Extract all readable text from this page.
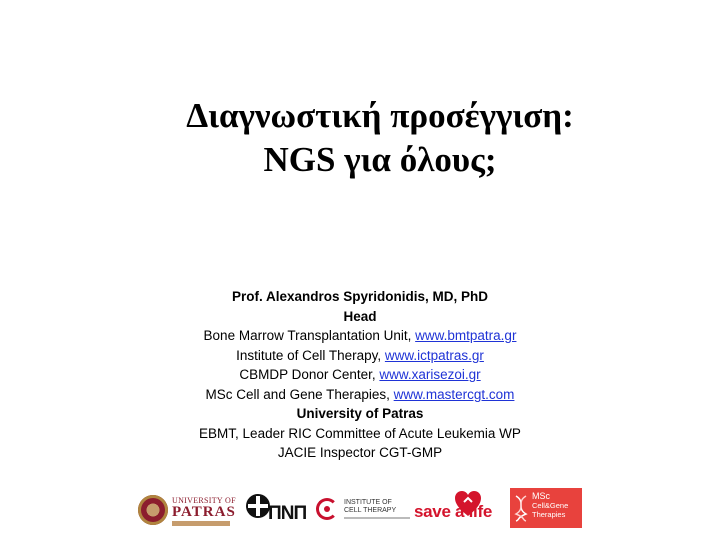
Διαγνωστική προσέγγιση:
NGS για όλους;
Prof. Alexandros Spyridonidis, MD, PhD
Head
Bone Marrow Transplantation Unit, www.bmtpatra.gr
Institute of Cell Therapy, www.ictpatras.gr
CBMDP Donor Center, www.xarisezoi.gr
MSc Cell and Gene Therapies, www.mastercgt.com
University of Patras
EBMT, Leader RIC Committee of Acute Leukemia WP
JACIE Inspector CGT-GMP
UNIVERSITY OF
PATRAS ΠΝΠ
INSTITUTE OF
CELL THERAPY save a life
MSc
Cell&Gene
Therapies
